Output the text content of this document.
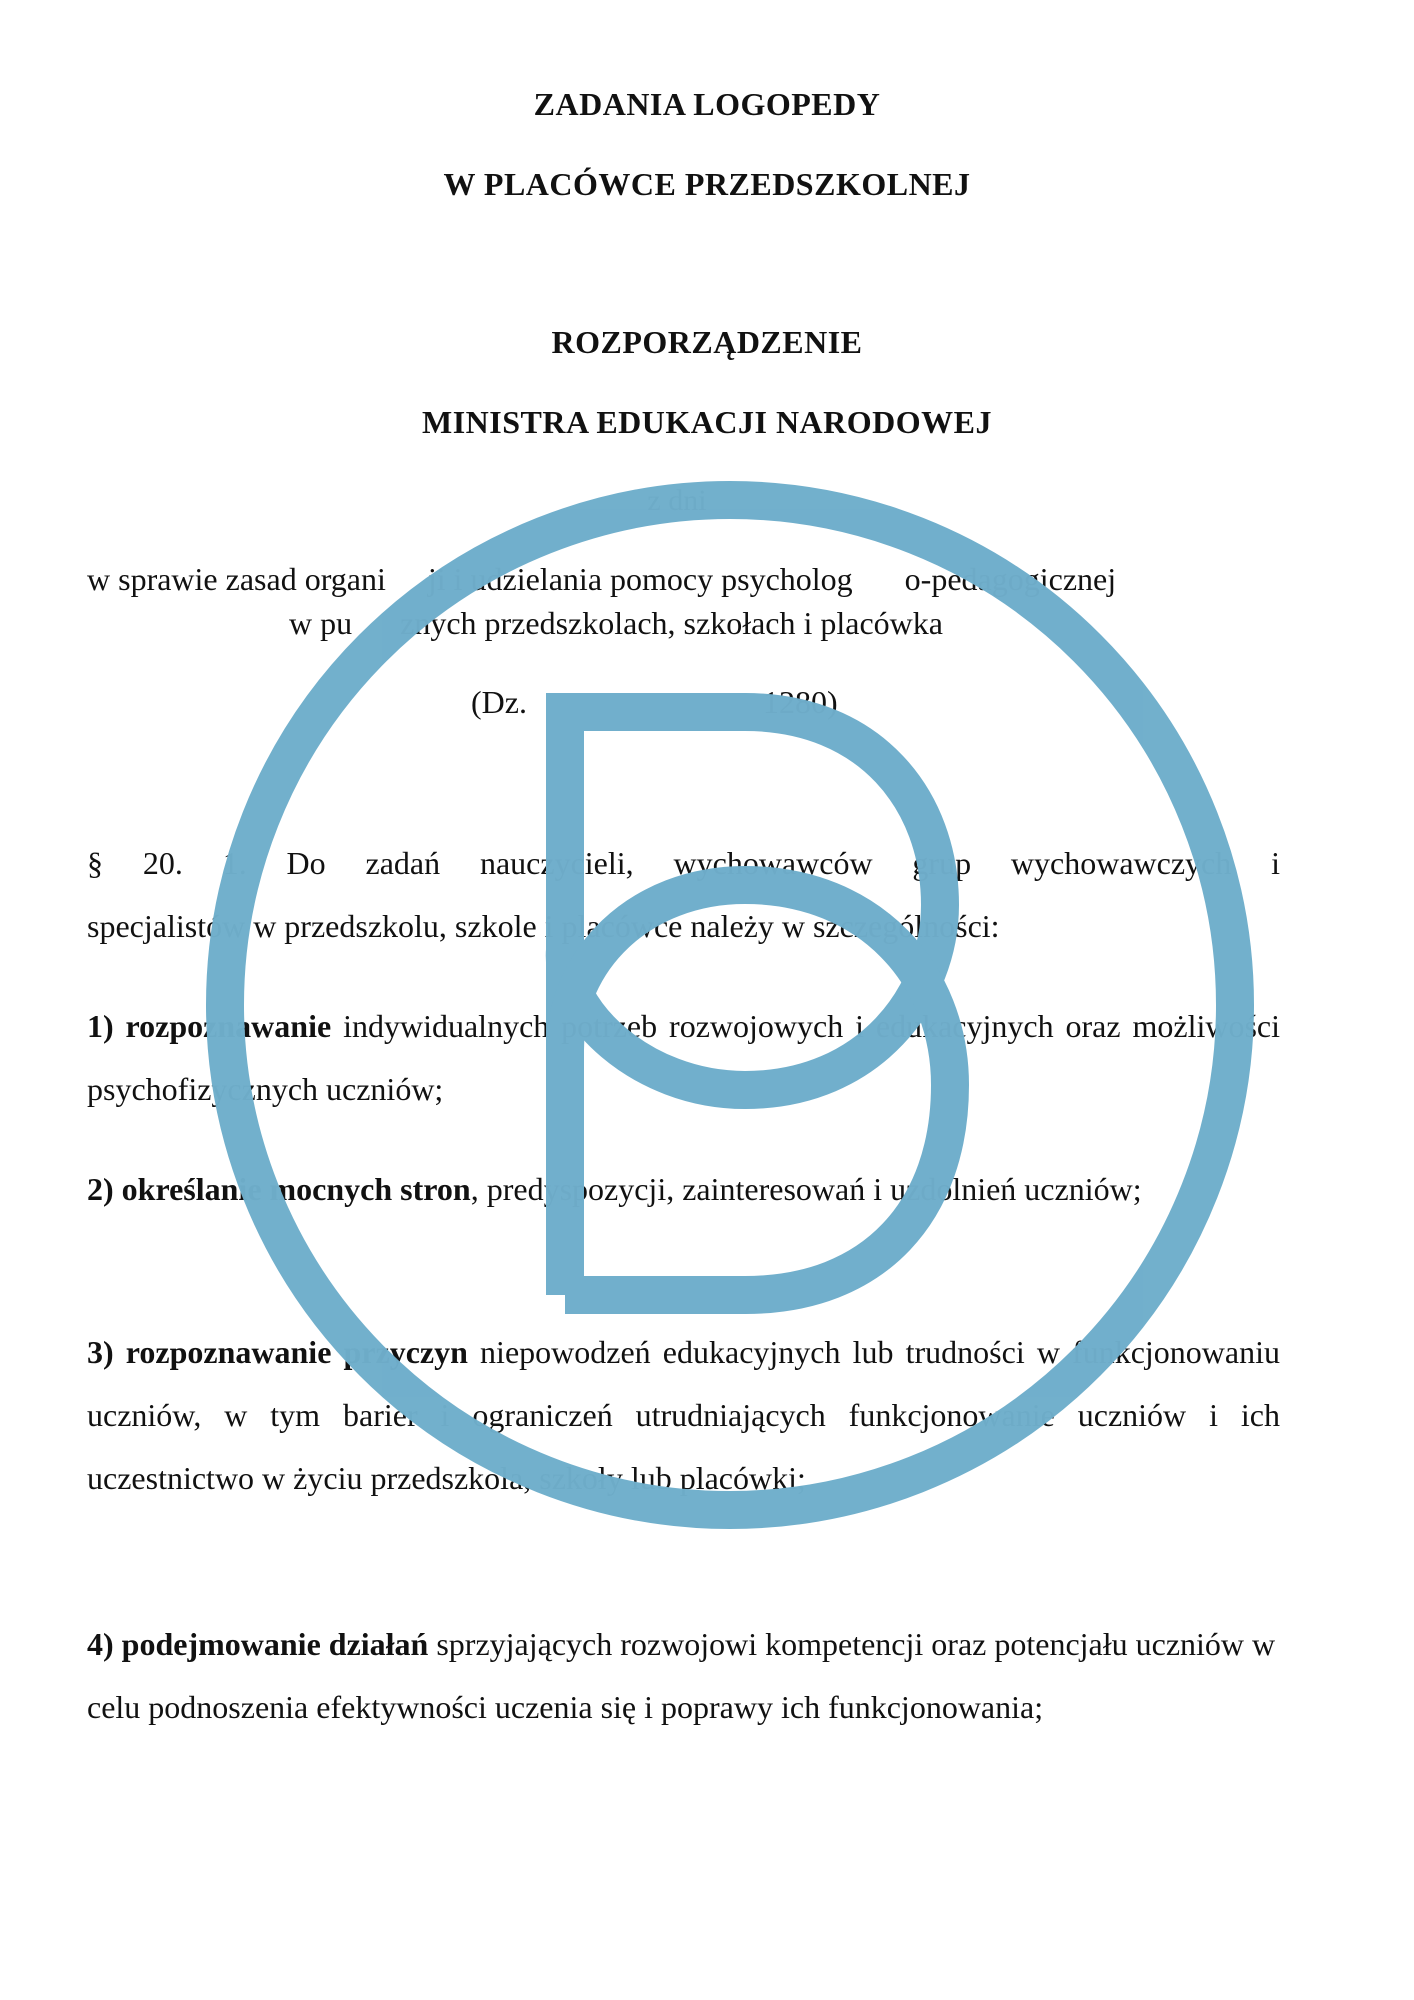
ZADANIA LOGOPEDY
W PLACÓWCE PRZEDSZKOLNEJ
ROZPORZĄDZENIE
MINISTRA EDUKACJI NARODOWEJ
z dni
w sprawie zasad organi ji i udzielania pomocy psycholog o-pedagogicznej
w pu znych przedszkolach, szkołach i placówka
(Dz.	1280)
§ 20. 1. Do zadań nauczycieli, wychowawców grup wychowawczych i
specjalistów w przedszkolu, szkole i placówce należy w szczególności:
1) rozpoznawanie indywidualnych potrzeb rozwojowych i edukacyjnych oraz możliwości psychofizycznych uczniów;
2) określanie mocnych stron, predyspozycji, zainteresowań i uzdolnień uczniów;
3) rozpoznawanie przyczyn niepowodzeń edukacyjnych lub trudności w funkcjonowaniu uczniów, w tym barier i ograniczeń utrudniających funkcjonowanie uczniów i ich uczestnictwo w życiu przedszkola, szkoły lub placówki;
4) podejmowanie działań sprzyjających rozwojowi kompetencji oraz potencjału uczniów w celu podnoszenia efektywności uczenia się i poprawy ich funkcjonowania;
